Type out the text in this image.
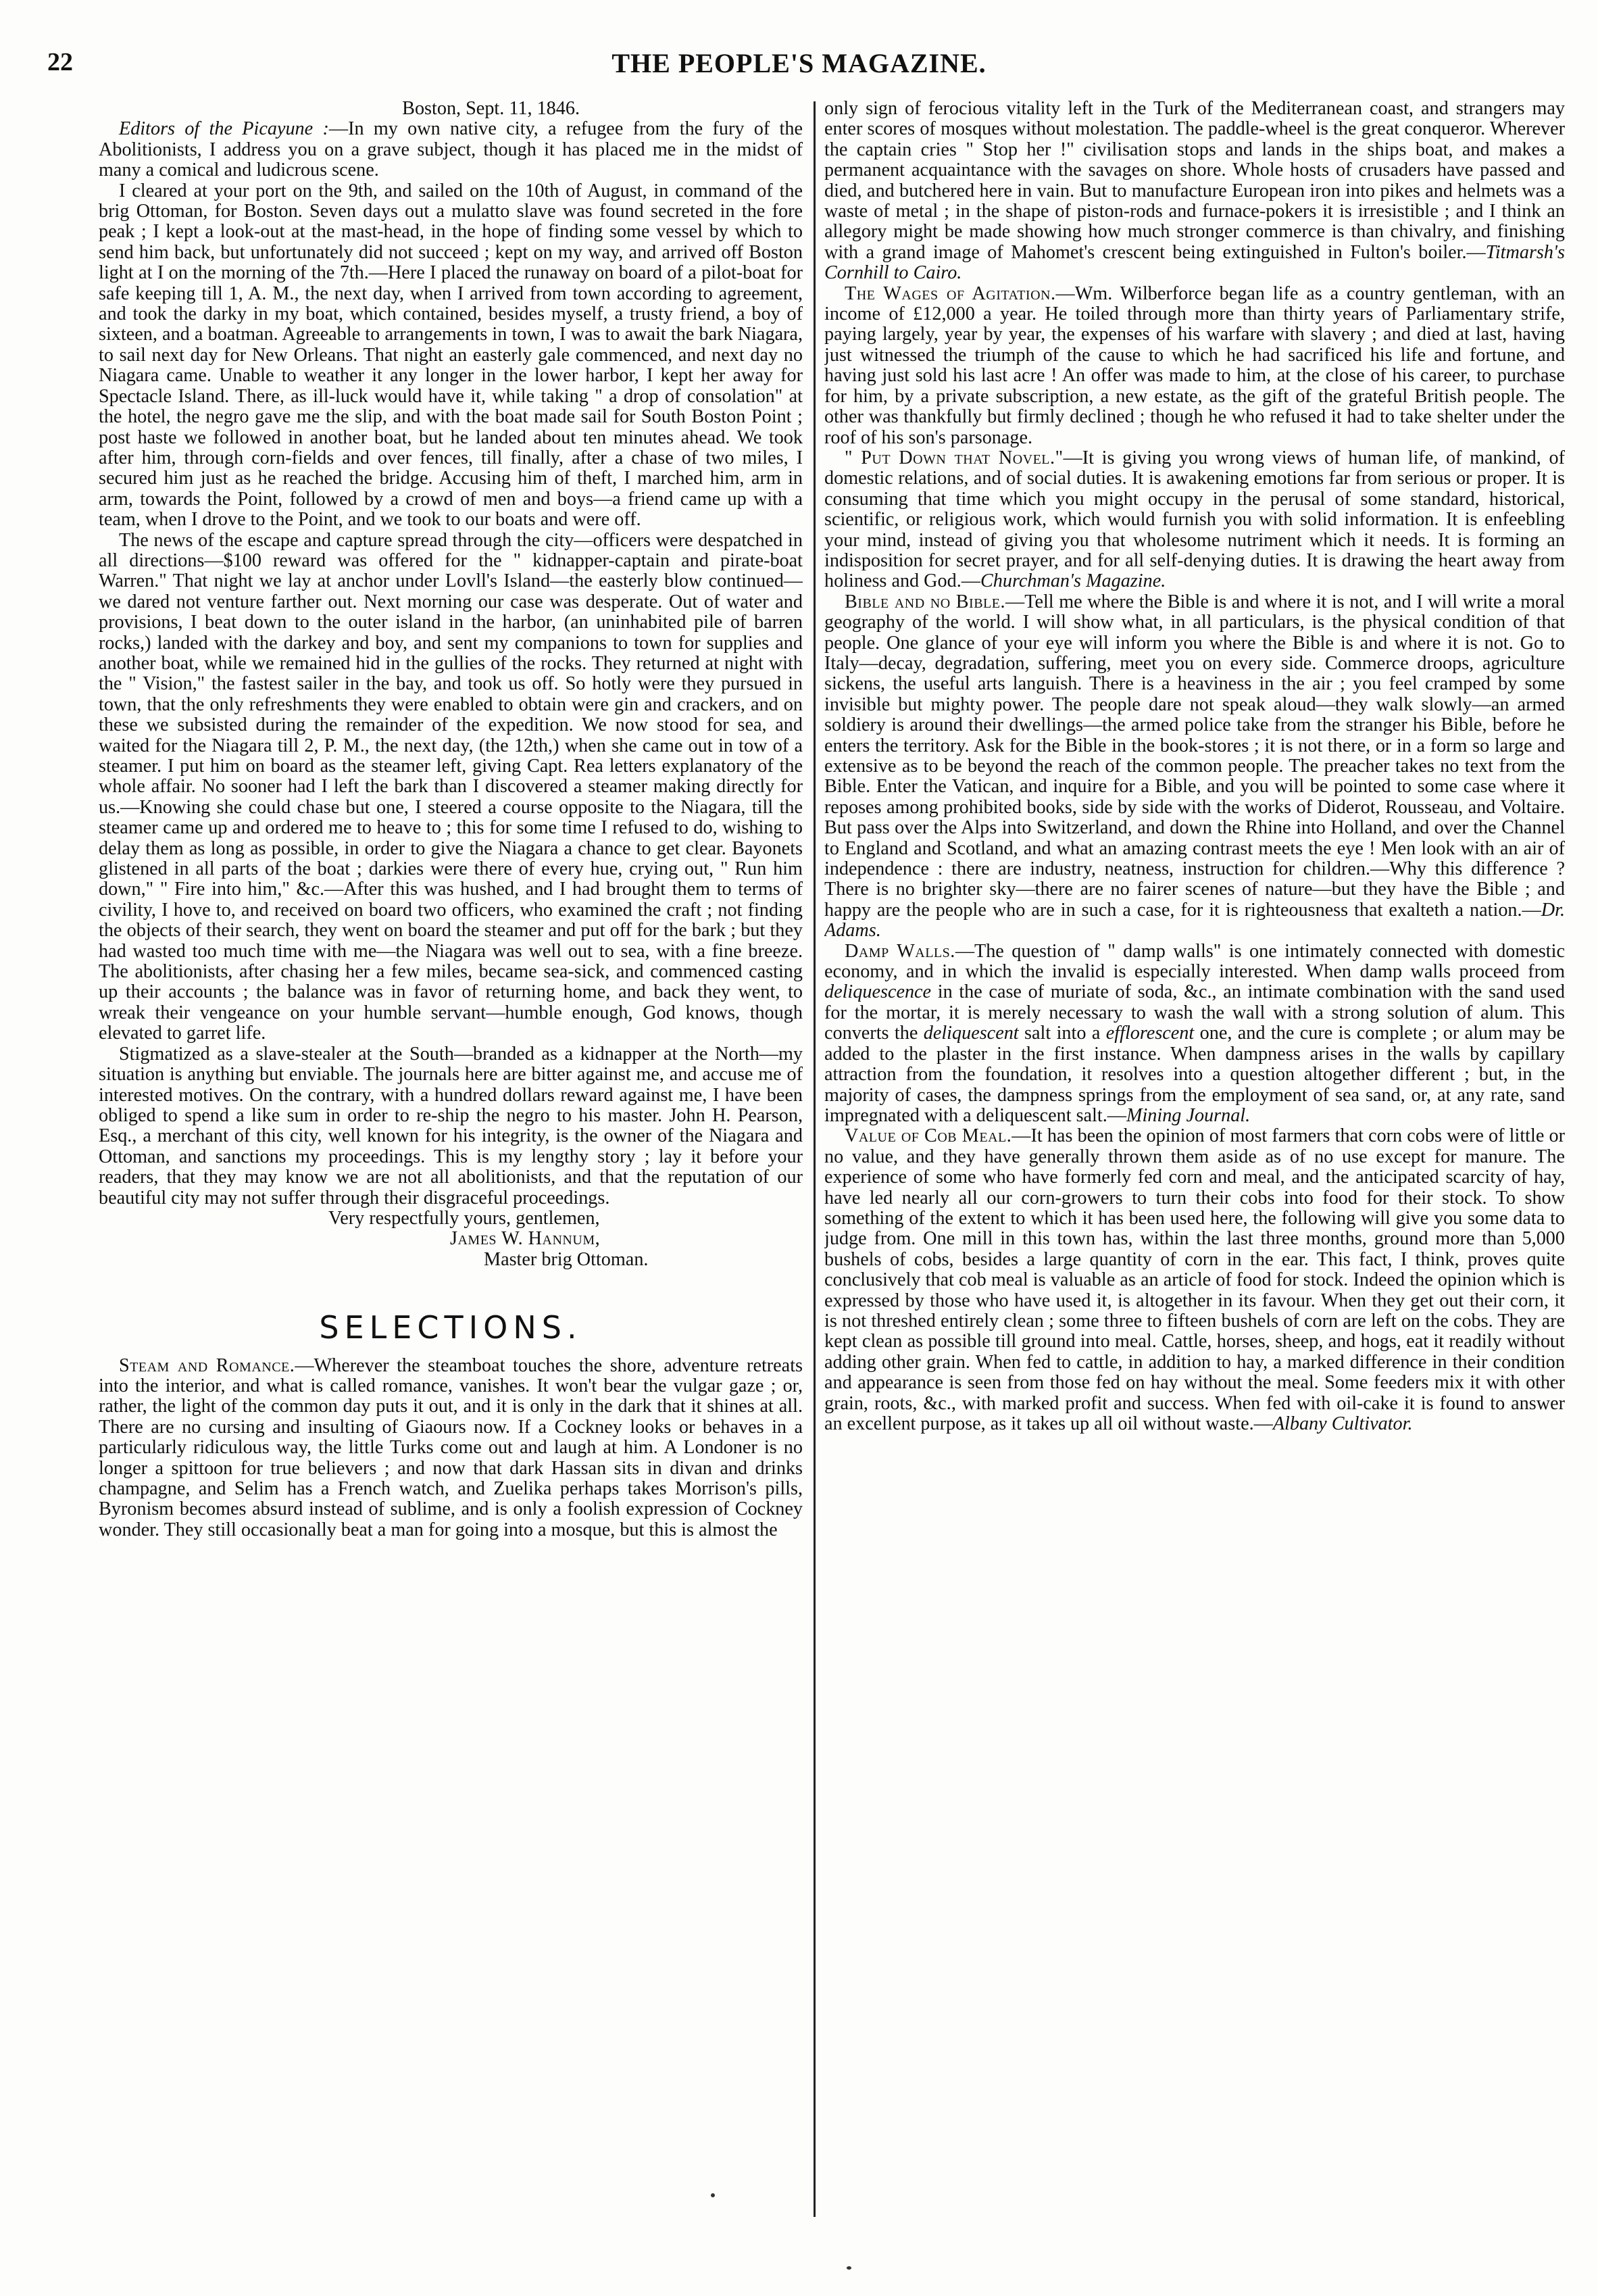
22	THE PEOPLE'S MAGAZINE.

Boston, Sept. 11, 1846.

Editors of the Picayune :—In my own native city, a refugee from the fury of the Abolitionists, I address you on a grave subject, though it has placed me in the midst of many a comical and ludicrous scene.

I cleared at your port on the 9th, and sailed on the 10th of August, in command of the brig Ottoman, for Boston. Seven days out a mulatto slave was found secreted in the fore peak ; I kept a look-out at the mast-head, in the hope of finding some vessel by which to send him back, but unfortunately did not succeed ; kept on my way, and arrived off Boston light at I on the morning of the 7th.—Here I placed the runaway on board of a pilot-boat for safe keeping till 1, A. M., the next day, when I arrived from town according to agreement, and took the darky in my boat, which contained, besides myself, a trusty friend, a boy of sixteen, and a boatman. Agreeable to arrangements in town, I was to await the bark Niagara, to sail next day for New Orleans. That night an easterly gale commenced, and next day no Niagara came. Unable to weather it any longer in the lower harbor, I kept her away for Spectacle Island. There, as ill-luck would have it, while taking " a drop of consolation" at the hotel, the negro gave me the slip, and with the boat made sail for South Boston Point ; post haste we followed in another boat, but he landed about ten minutes ahead. We took after him, through corn-fields and over fences, till finally, after a chase of two miles, I secured him just as he reached the bridge. Accusing him of theft, I marched him, arm in arm, towards the Point, followed by a crowd of men and boys—a friend came up with a team, when I drove to the Point, and we took to our boats and were off.

The news of the escape and capture spread through the city—officers were despatched in all directions—$100 reward was offered for the " kidnapper-captain and pirate-boat Warren." That night we lay at anchor under Lovll's Island—the easterly blow continued—we dared not venture farther out. Next morning our case was desperate. Out of water and provisions, I beat down to the outer island in the harbor, (an uninhabited pile of barren rocks,) landed with the darkey and boy, and sent my companions to town for supplies and another boat, while we remained hid in the gullies of the rocks. They returned at night with the " Vision," the fastest sailer in the bay, and took us off. So hotly were they pursued in town, that the only refreshments they were enabled to obtain were gin and crackers, and on these we subsisted during the remainder of the expedition. We now stood for sea, and waited for the Niagara till 2, P. M., the next day, (the 12th,) when she came out in tow of a steamer. I put him on board as the steamer left, giving Capt. Rea letters explanatory of the whole affair. No sooner had I left the bark than I discovered a steamer making directly for us.—Knowing she could chase but one, I steered a course opposite to the Niagara, till the steamer came up and ordered me to heave to ; this for some time I refused to do, wishing to delay them as long as possible, in order to give the Niagara a chance to get clear. Bayonets glistened in all parts of the boat ; darkies were there of every hue, crying out, " Run him down," " Fire into him," &c.—After this was hushed, and I had brought them to terms of civility, I hove to, and received on board two officers, who examined the craft ; not finding the objects of their search, they went on board the steamer and put off for the bark ; but they had wasted too much time with me—the Niagara was well out to sea, with a fine breeze. The abolitionists, after chasing her a few miles, became sea-sick, and commenced casting up their accounts ; the balance was in favor of returning home, and back they went, to wreak their vengeance on your humble servant—humble enough, God knows, though elevated to garret life.

Stigmatized as a slave-stealer at the South—branded as a kidnapper at the North—my situation is anything but enviable. The journals here are bitter against me, and accuse me of interested motives. On the contrary, with a hundred dollars reward against me, I have been obliged to spend a like sum in order to re-ship the negro to his master. John H. Pearson, Esq., a merchant of this city, well known for his integrity, is the owner of the Niagara and Ottoman, and sanctions my proceedings. This is my lengthy story ; lay it before your readers, that they may know we are not all abolitionists, and that the reputation of our beautiful city may not suffer through their disgraceful proceedings.

Very respectfully yours, gentlemen,
James W. Hannum,
Master brig Ottoman.
SELECTIONS.

Steam and Romance.—Wherever the steamboat touches the shore, adventure retreats into the interior, and what is called romance, vanishes. It won't bear the vulgar gaze ; or, rather, the light of the common day puts it out, and it is only in the dark that it shines at all. There are no cursing and insulting of Giaours now. If a Cockney looks or behaves in a particularly ridiculous way, the little Turks come out and laugh at him. A Londoner is no longer a spittoon for true believers ; and now that dark Hassan sits in divan and drinks champagne, and Selim has a French watch, and Zuelika perhaps takes Morrison's pills, Byronism becomes absurd instead of sublime, and is only a foolish expression of Cockney wonder. They still occasionally beat a man for going into a mosque, but this is almost the

only sign of ferocious vitality left in the Turk of the Mediterranean coast, and strangers may enter scores of mosques without molestation. The paddle-wheel is the great conqueror. Wherever the captain cries " Stop her !" civilisation stops and lands in the ships boat, and makes a permanent acquaintance with the savages on shore. Whole hosts of crusaders have passed and died, and butchered here in vain. But to manufacture European iron into pikes and helmets was a waste of metal ; in the shape of piston-rods and furnace-pokers it is irresistible ; and I think an allegory might be made showing how much stronger commerce is than chivalry, and finishing with a grand image of Mahomet's crescent being extinguished in Fulton's boiler.—Titmarsh's Cornhill to Cairo.

The Wages of Agitation.—Wm. Wilberforce began life as a country gentleman, with an income of £12,000 a year. He toiled through more than thirty years of Parliamentary strife, paying largely, year by year, the expenses of his warfare with slavery ; and died at last, having just witnessed the triumph of the cause to which he had sacrificed his life and fortune, and having just sold his last acre ! An offer was made to him, at the close of his career, to purchase for him, by a private subscription, a new estate, as the gift of the grateful British people. The other was thankfully but firmly declined ; though he who refused it had to take shelter under the roof of his son's parsonage.

" Put Down that Novel."—It is giving you wrong views of human life, of mankind, of domestic relations, and of social duties. It is awakening emotions far from serious or proper. It is consuming that time which you might occupy in the perusal of some standard, historical, scientific, or religious work, which would furnish you with solid information. It is enfeebling your mind, instead of giving you that wholesome nutriment which it needs. It is forming an indisposition for secret prayer, and for all self-denying duties. It is drawing the heart away from holiness and God.—Churchman's Magazine.

Bible and no Bible.—Tell me where the Bible is and where it is not, and I will write a moral geography of the world. I will show what, in all particulars, is the physical condition of that people. One glance of your eye will inform you where the Bible is and where it is not. Go to Italy—decay, degradation, suffering, meet you on every side. Commerce droops, agriculture sickens, the useful arts languish. There is a heaviness in the air ; you feel cramped by some invisible but mighty power. The people dare not speak aloud—they walk slowly—an armed soldiery is around their dwellings—the armed police take from the stranger his Bible, before he enters the territory. Ask for the Bible in the book-stores ; it is not there, or in a form so large and extensive as to be beyond the reach of the common people. The preacher takes no text from the Bible. Enter the Vatican, and inquire for a Bible, and you will be pointed to some case where it reposes among prohibited books, side by side with the works of Diderot, Rousseau, and Voltaire. But pass over the Alps into Switzerland, and down the Rhine into Holland, and over the Channel to England and Scotland, and what an amazing contrast meets the eye ! Men look with an air of independence : there are industry, neatness, instruction for children.—Why this difference ? There is no brighter sky—there are no fairer scenes of nature—but they have the Bible ; and happy are the people who are in such a case, for it is righteousness that exalteth a nation.—Dr. Adams.

Damp Walls.—The question of " damp walls" is one intimately connected with domestic economy, and in which the invalid is especially interested. When damp walls proceed from deliquescence in the case of muriate of soda, &c., an intimate combination with the sand used for the mortar, it is merely necessary to wash the wall with a strong solution of alum. This converts the deliquescent salt into a efflorescent one, and the cure is complete ; or alum may be added to the plaster in the first instance. When dampness arises in the walls by capillary attraction from the foundation, it resolves into a question altogether different ; but, in the majority of cases, the dampness springs from the employment of sea sand, or, at any rate, sand impregnated with a deliquescent salt.—Mining Journal.

Value of Cob Meal.—It has been the opinion of most farmers that corn cobs were of little or no value, and they have generally thrown them aside as of no use except for manure. The experience of some who have formerly fed corn and meal, and the anticipated scarcity of hay, have led nearly all our corn-growers to turn their cobs into food for their stock. To show something of the extent to which it has been used here, the following will give you some data to judge from. One mill in this town has, within the last three months, ground more than 5,000 bushels of cobs, besides a large quantity of corn in the ear. This fact, I think, proves quite conclusively that cob meal is valuable as an article of food for stock. Indeed the opinion which is expressed by those who have used it, is altogether in its favour. When they get out their corn, it is not threshed entirely clean ; some three to fifteen bushels of corn are left on the cobs. They are kept clean as possible till ground into meal. Cattle, horses, sheep, and hogs, eat it readily without adding other grain. When fed to cattle, in addition to hay, a marked difference in their condition and appearance is seen from those fed on hay without the meal. Some feeders mix it with other grain, roots, &c., with marked profit and success. When fed with oil-cake it is found to answer an excellent purpose, as it takes up all oil without waste.—Albany Cultivator.
